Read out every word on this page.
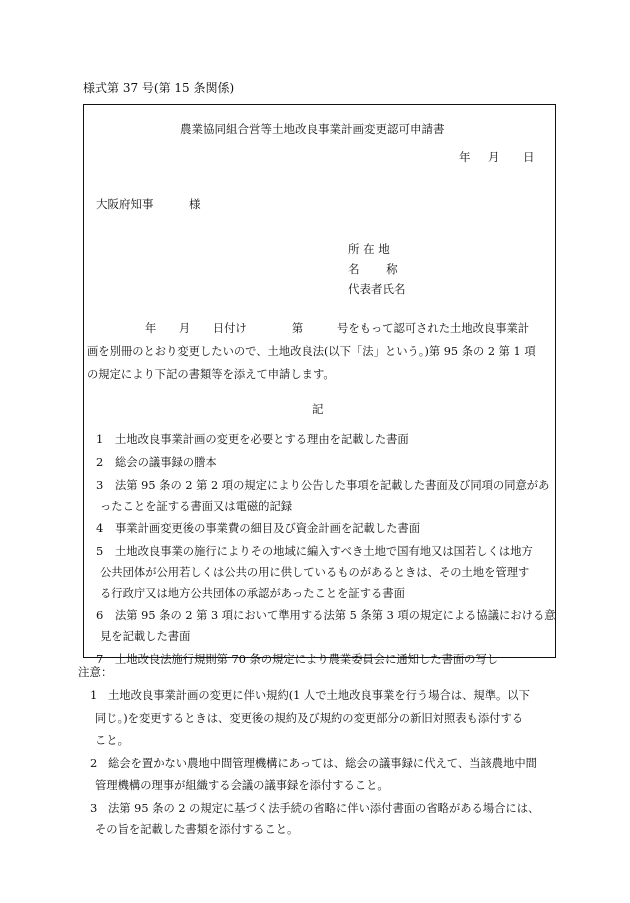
様式第 37 号(第 15 条関係)
農業協同組合営等土地改良事業計画変更認可申請書
年 月 日
大阪府知事	様
所 在 地
名　　 称
代表者氏名
年　　月　　日付け　　　　第　　　号をもって認可された土地改良事業計
画を別冊のとおり変更したいので、土地改良法(以下「法」という。)第 95 条の 2 第 1 項
の規定により下記の書類等を添えて申請します。
記
1 土地改良事業計画の変更を必要とする理由を記載した書面
2 総会の議事録の謄本
3 法第 95 条の 2 第 2 項の規定により公告した事項を記載した書面及び同項の同意があ
ったことを証する書面又は電磁的記録
4 事業計画変更後の事業費の細目及び資金計画を記載した書面
5 土地改良事業の施行によりその地域に編入すべき土地で国有地又は国若しくは地方
公共団体が公用若しくは公共の用に供しているものがあるときは、その土地を管理す
る行政庁又は地方公共団体の承認があったことを証する書面
6 法第 95 条の 2 第 3 項において準用する法第 5 条第 3 項の規定による協議における意
見を記載した書面
7 土地改良法施行規則第 70 条の規定により農業委員会に通知した書面の写し
注意：
1 土地改良事業計画の変更に伴い規約(1 人で土地改良事業を行う場合は、規準。以下
同じ。)を変更するときは、変更後の規約及び規約の変更部分の新旧対照表も添付する
こと。
2 総会を置かない農地中間管理機構にあっては、総会の議事録に代えて、当該農地中間
管理機構の理事が組織する会議の議事録を添付すること。
3 法第 95 条の 2 の規定に基づく法手続の省略に伴い添付書面の省略がある場合には、
その旨を記載した書類を添付すること。
